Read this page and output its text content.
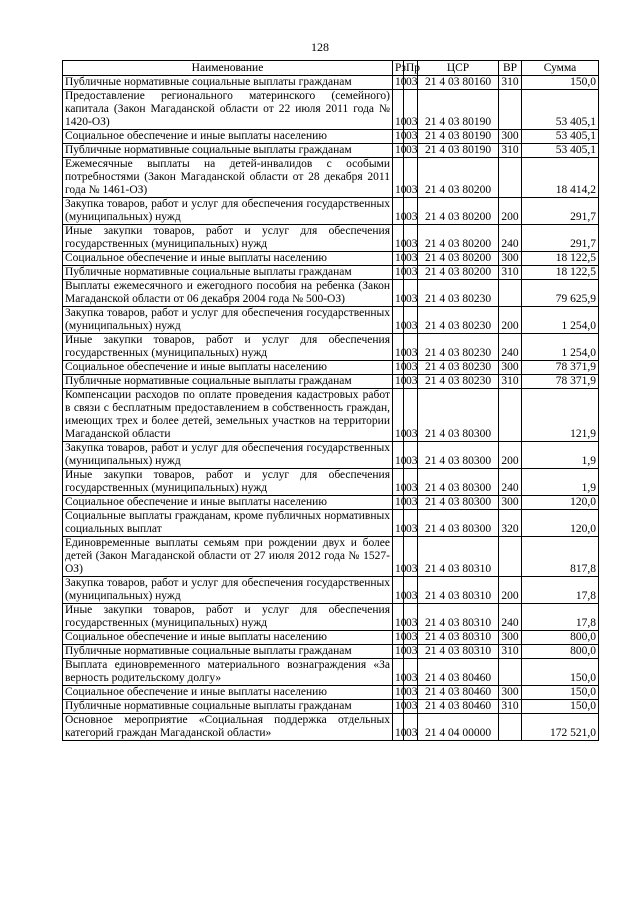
128
Наименование	Рз	Пр	ЦСР	ВР	Сумма
Публичные нормативные социальные выплаты гражданам	10	03	21 4 03 80160	310	150,0
Предоставление регионального материнского (семейного) капитала (Закон Магаданской области от 22 июля 2011 года № 1420-ОЗ)	10	03	21 4 03 80190		53 405,1
Социальное обеспечение и иные выплаты населению	10	03	21 4 03 80190	300	53 405,1
Публичные нормативные социальные выплаты гражданам	10	03	21 4 03 80190	310	53 405,1
Ежемесячные выплаты на детей-инвалидов с особыми потребностями (Закон Магаданской области от 28 декабря 2011 года № 1461-ОЗ)	10	03	21 4 03 80200		18 414,2
Закупка товаров, работ и услуг для обеспечения государственных (муниципальных) нужд	10	03	21 4 03 80200	200	291,7
Иные закупки товаров, работ и услуг для обеспечения государственных (муниципальных) нужд	10	03	21 4 03 80200	240	291,7
Социальное обеспечение и иные выплаты населению	10	03	21 4 03 80200	300	18 122,5
Публичные нормативные социальные выплаты гражданам	10	03	21 4 03 80200	310	18 122,5
Выплаты ежемесячного и ежегодного пособия на ребенка (Закон Магаданской области от 06 декабря 2004 года № 500-ОЗ)	10	03	21 4 03 80230		79 625,9
Закупка товаров, работ и услуг для обеспечения государственных (муниципальных) нужд	10	03	21 4 03 80230	200	1 254,0
Иные закупки товаров, работ и услуг для обеспечения государственных (муниципальных) нужд	10	03	21 4 03 80230	240	1 254,0
Социальное обеспечение и иные выплаты населению	10	03	21 4 03 80230	300	78 371,9
Публичные нормативные социальные выплаты гражданам	10	03	21 4 03 80230	310	78 371,9
Компенсации расходов по оплате проведения кадастровых работ в связи с бесплатным предоставлением в собственность граждан, имеющих трех и более детей, земельных участков на территории Магаданской области	10	03	21 4 03 80300		121,9
Закупка товаров, работ и услуг для обеспечения государственных (муниципальных) нужд	10	03	21 4 03 80300	200	1,9
Иные закупки товаров, работ и услуг для обеспечения государственных (муниципальных) нужд	10	03	21 4 03 80300	240	1,9
Социальное обеспечение и иные выплаты населению	10	03	21 4 03 80300	300	120,0
Социальные выплаты гражданам, кроме публичных нормативных социальных выплат	10	03	21 4 03 80300	320	120,0
Единовременные выплаты семьям при рождении двух и более детей (Закон Магаданской области от 27 июля 2012 года № 1527-ОЗ)	10	03	21 4 03 80310		817,8
Закупка товаров, работ и услуг для обеспечения государственных (муниципальных) нужд	10	03	21 4 03 80310	200	17,8
Иные закупки товаров, работ и услуг для обеспечения государственных (муниципальных) нужд	10	03	21 4 03 80310	240	17,8
Социальное обеспечение и иные выплаты населению	10	03	21 4 03 80310	300	800,0
Публичные нормативные социальные выплаты гражданам	10	03	21 4 03 80310	310	800,0
Выплата единовременного материального вознаграждения «За верность родительскому долгу»	10	03	21 4 03 80460		150,0
Социальное обеспечение и иные выплаты населению	10	03	21 4 03 80460	300	150,0
Публичные нормативные социальные выплаты гражданам	10	03	21 4 03 80460	310	150,0
Основное мероприятие «Социальная поддержка отдельных категорий граждан Магаданской области»	10	03	21 4 04 00000		172 521,0
